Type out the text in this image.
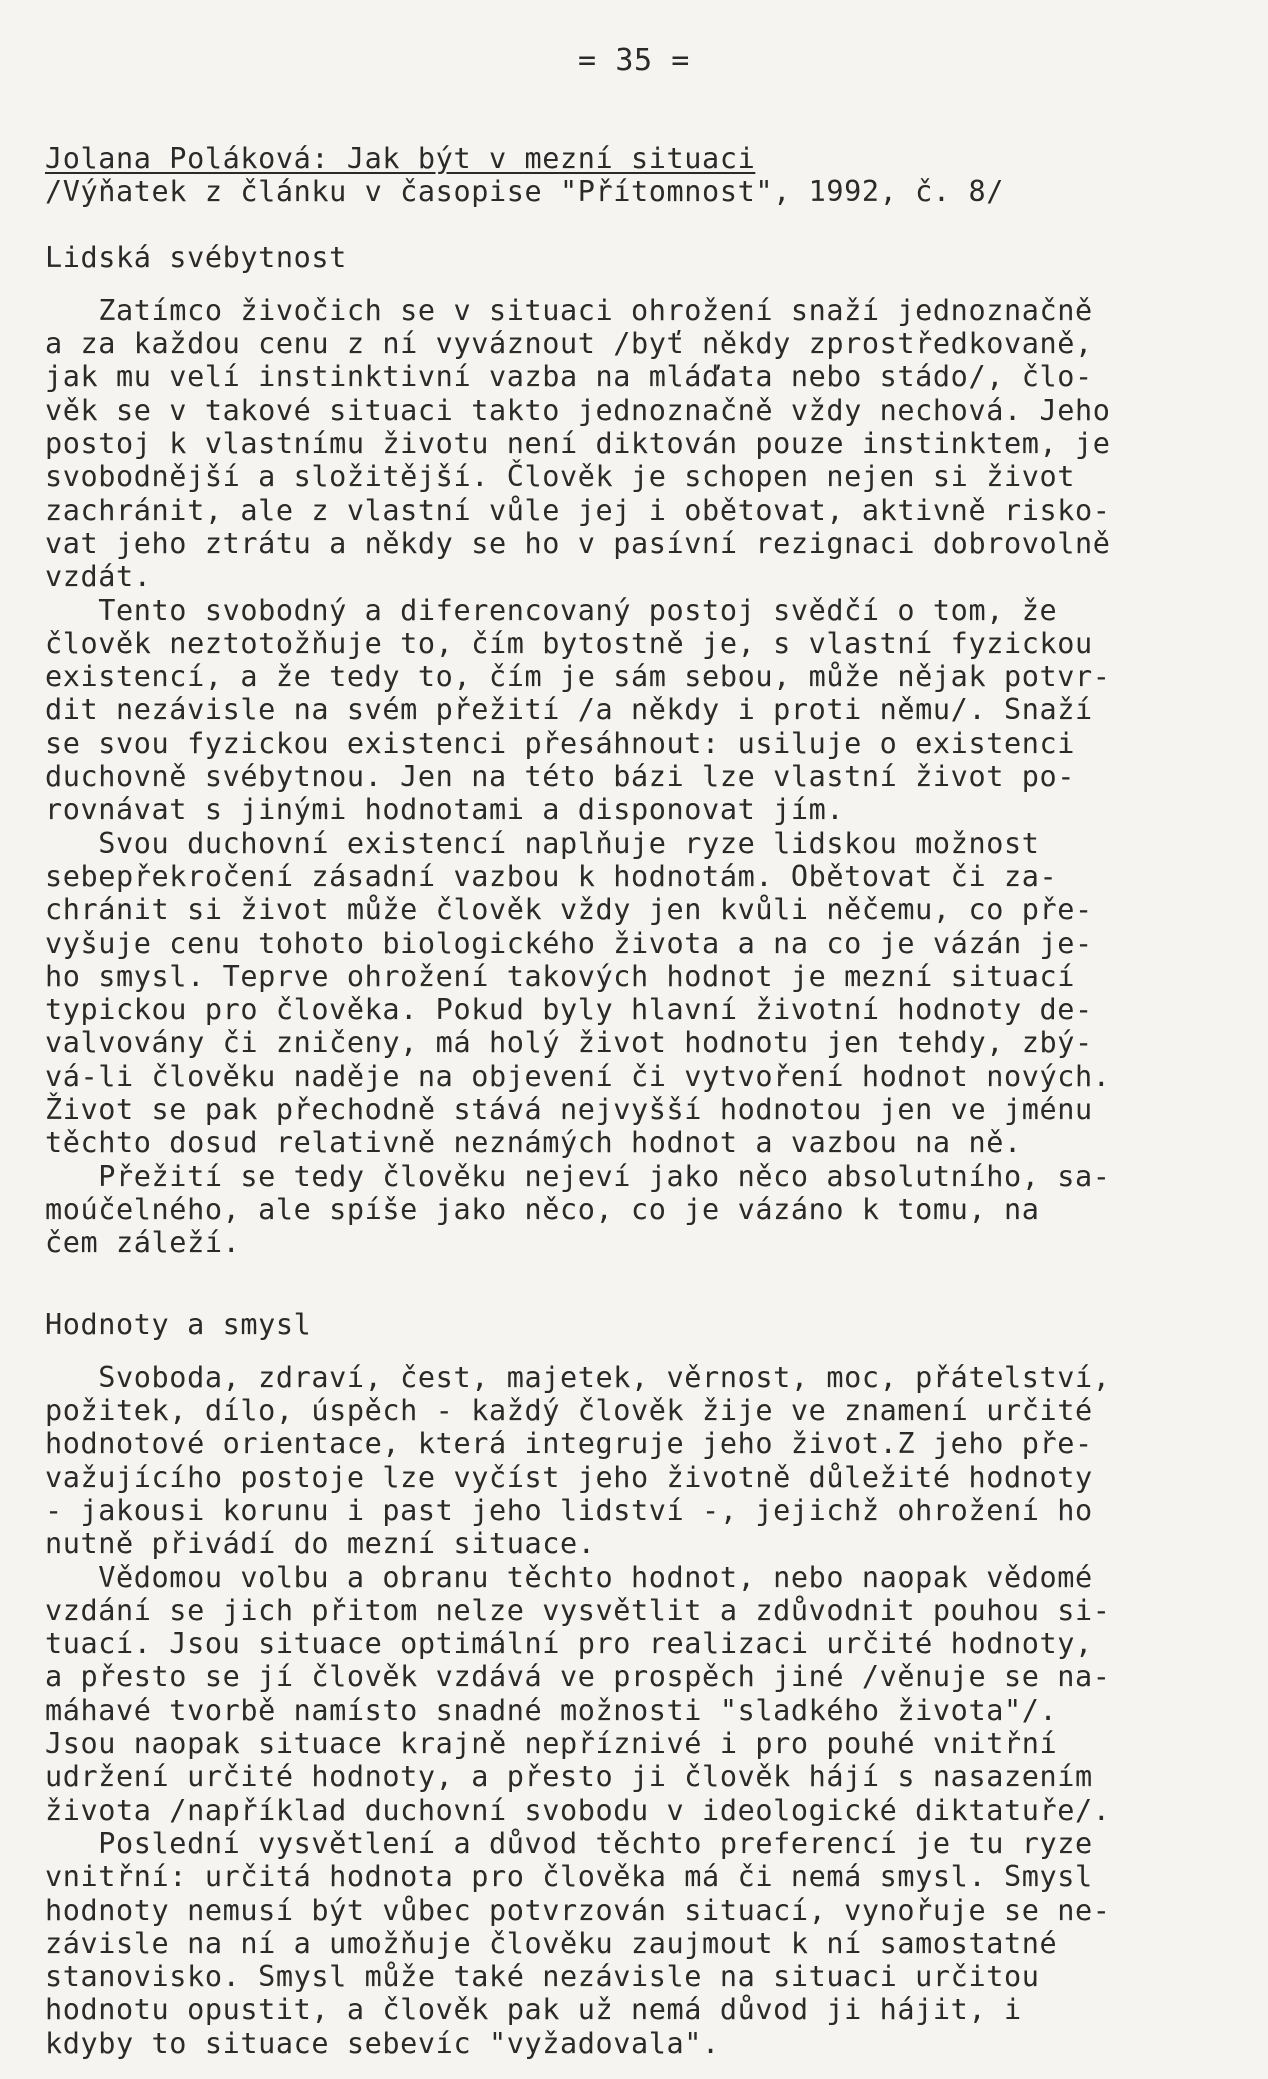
= 35 =
Jolana Poláková: Jak být v mezní situaci
/Výňatek z článku v časopise "Přítomnost", 1992, č. 8/
Lidská svébytnost
Zatímco živočich se v situaci ohrožení snaží jednoznačně
a za každou cenu z ní vyváznout /byť někdy zprostředkovaně,
jak mu velí instinktivní vazba na mláďata nebo stádo/, člo-
věk se v takové situaci takto jednoznačně vždy nechová. Jeho
postoj k vlastnímu životu není diktován pouze instinktem, je
svobodnější a složitější. Člověk je schopen nejen si život
zachránit, ale z vlastní vůle jej i obětovat, aktivně risko-
vat jeho ztrátu a někdy se ho v pasívní rezignaci dobrovolně
vzdát.
Tento svobodný a diferencovaný postoj svědčí o tom, že
člověk neztotožňuje to, čím bytostně je, s vlastní fyzickou
existencí, a že tedy to, čím je sám sebou, může nějak potvr-
dit nezávisle na svém přežití /a někdy i proti němu/. Snaží
se svou fyzickou existenci přesáhnout: usiluje o existenci
duchovně svébytnou. Jen na této bázi lze vlastní život po-
rovnávat s jinými hodnotami a disponovat jím.
Svou duchovní existencí naplňuje ryze lidskou možnost
sebepřekročení zásadní vazbou k hodnotám. Obětovat či za-
chránit si život může člověk vždy jen kvůli něčemu, co pře-
vyšuje cenu tohoto biologického života a na co je vázán je-
ho smysl. Teprve ohrožení takových hodnot je mezní situací
typickou pro člověka. Pokud byly hlavní životní hodnoty de-
valvovány či zničeny, má holý život hodnotu jen tehdy, zbý-
vá-li člověku naděje na objevení či vytvoření hodnot nových.
Život se pak přechodně stává nejvyšší hodnotou jen ve jménu
těchto dosud relativně neznámých hodnot a vazbou na ně.
Přežití se tedy člověku nejeví jako něco absolutního, sa-
moúčelného, ale spíše jako něco, co je vázáno k tomu, na
čem záleží.
Hodnoty a smysl
Svoboda, zdraví, čest, majetek, věrnost, moc, přátelství,
požitek, dílo, úspěch - každý člověk žije ve znamení určité
hodnotové orientace, která integruje jeho život.Z jeho pře-
važujícího postoje lze vyčíst jeho životně důležité hodnoty
- jakousi korunu i past jeho lidství -, jejichž ohrožení ho
nutně přivádí do mezní situace.
Vědomou volbu a obranu těchto hodnot, nebo naopak vědomé
vzdání se jich přitom nelze vysvětlit a zdůvodnit pouhou si-
tuací. Jsou situace optimální pro realizaci určité hodnoty,
a přesto se jí člověk vzdává ve prospěch jiné /věnuje se na-
máhavé tvorbě namísto snadné možnosti "sladkého života"/.
Jsou naopak situace krajně nepříznivé i pro pouhé vnitřní
udržení určité hodnoty, a přesto ji člověk hájí s nasazením
života /například duchovní svobodu v ideologické diktatuře/.
Poslední vysvětlení a důvod těchto preferencí je tu ryze
vnitřní: určitá hodnota pro člověka má či nemá smysl. Smysl
hodnoty nemusí být vůbec potvrzován situací, vynořuje se ne-
závisle na ní a umožňuje člověku zaujmout k ní samostatné
stanovisko. Smysl může také nezávisle na situaci určitou
hodnotu opustit, a člověk pak už nemá důvod ji hájit, i
kdyby to situace sebevíc "vyžadovala".
